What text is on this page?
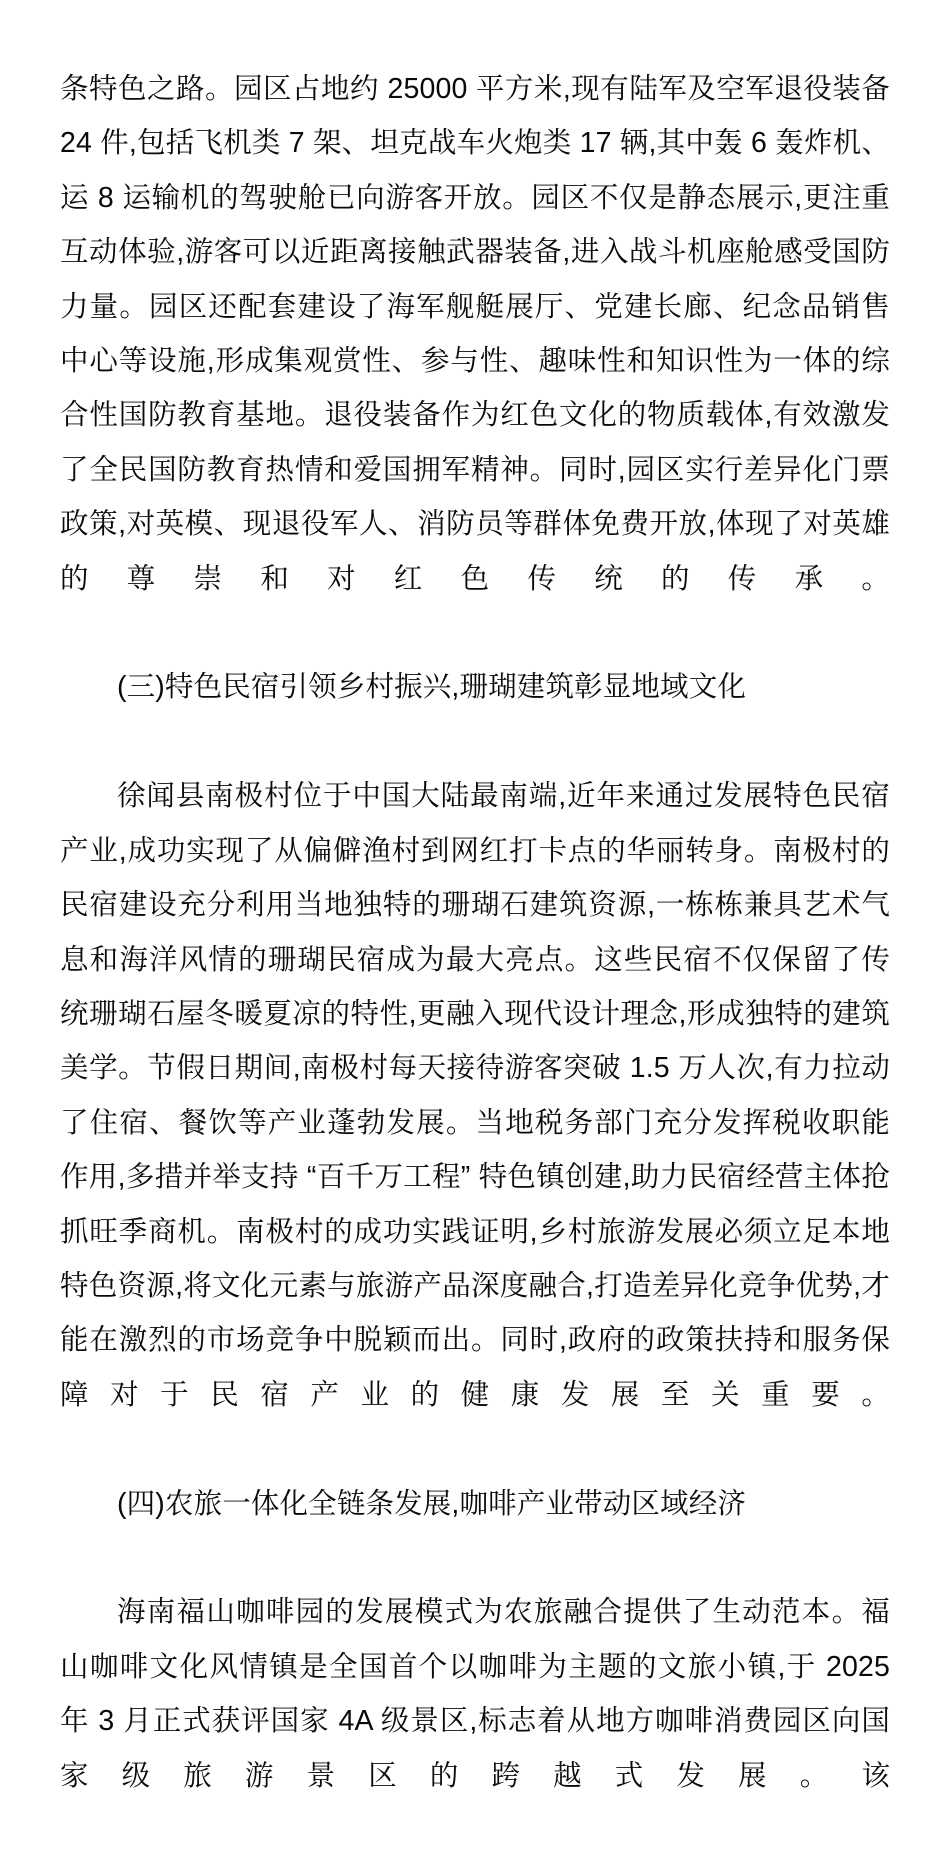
条特色之路。园区占地约 25000 平方米,现有陆军及空军退役装备 24 件,包括飞机类 7 架、坦克战车火炮类 17 辆,其中轰 6 轰炸机、运 8 运输机的驾驶舱已向游客开放。园区不仅是静态展示,更注重互动体验,游客可以近距离接触武器装备,进入战斗机座舱感受国防力量。园区还配套建设了海军舰艇展厅、党建长廊、纪念品销售中心等设施,形成集观赏性、参与性、趣味性和知识性为一体的综合性国防教育基地。退役装备作为红色文化的物质载体,有效激发了全民国防教育热情和爱国拥军精神。同时,园区实行差异化门票政策,对英模、现退役军人、消防员等群体免费开放,体现了对英雄的尊崇和对红色传统的传承。

(三)特色民宿引领乡村振兴,珊瑚建筑彰显地域文化

徐闻县南极村位于中国大陆最南端,近年来通过发展特色民宿产业,成功实现了从偏僻渔村到网红打卡点的华丽转身。南极村的民宿建设充分利用当地独特的珊瑚石建筑资源,一栋栋兼具艺术气息和海洋风情的珊瑚民宿成为最大亮点。这些民宿不仅保留了传统珊瑚石屋冬暖夏凉的特性,更融入现代设计理念,形成独特的建筑美学。节假日期间,南极村每天接待游客突破 1.5 万人次,有力拉动了住宿、餐饮等产业蓬勃发展。当地税务部门充分发挥税收职能作用,多措并举支持 “百千万工程” 特色镇创建,助力民宿经营主体抢抓旺季商机。南极村的成功实践证明,乡村旅游发展必须立足本地特色资源,将文化元素与旅游产品深度融合,打造差异化竞争优势,才能在激烈的市场竞争中脱颖而出。同时,政府的政策扶持和服务保障对于民宿产业的健康发展至关重要。

(四)农旅一体化全链条发展,咖啡产业带动区域经济

海南福山咖啡园的发展模式为农旅融合提供了生动范本。福山咖啡文化风情镇是全国首个以咖啡为主题的文旅小镇,于 2025 年 3 月正式获评国家 4A 级景区,标志着从地方咖啡消费园区向国家级旅游景区的跨越式发展。该
